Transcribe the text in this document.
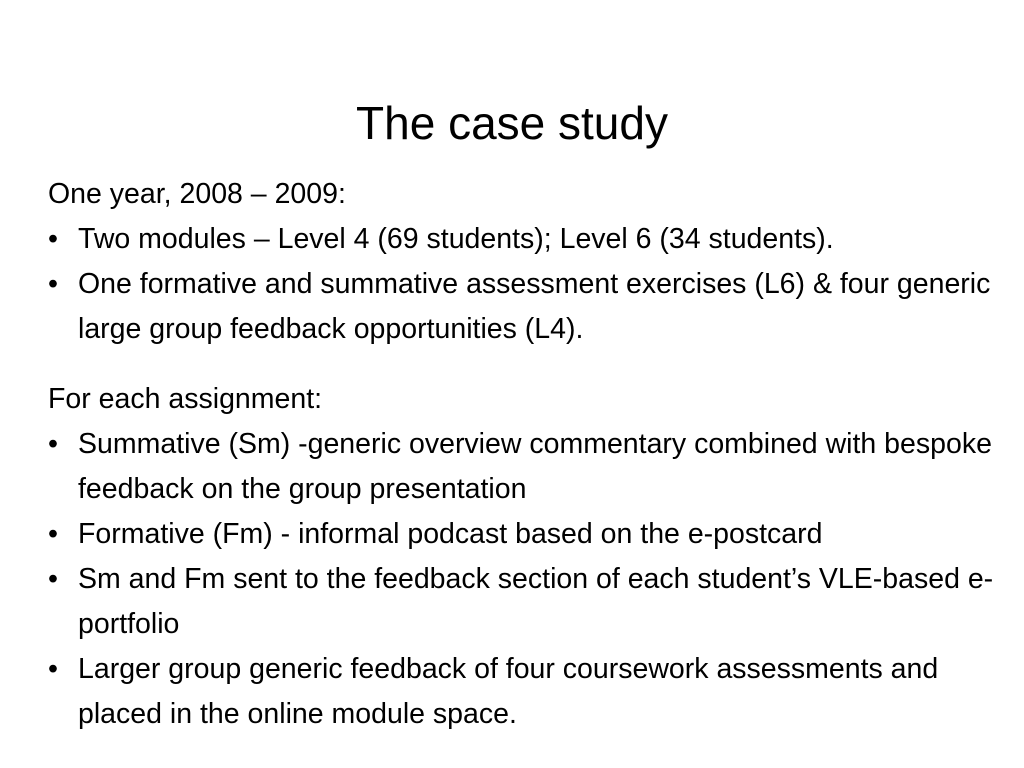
The case study

One year, 2008 – 2009:

• Two modules – Level 4 (69 students); Level 6 (34 students).
• One formative and summative assessment exercises (L6) & four generic large group feedback opportunities (L4).

For each assignment:

• Summative (Sm) -generic overview commentary combined with bespoke feedback on the group presentation
• Formative (Fm) - informal podcast based on the e-postcard
• Sm and Fm sent to the feedback section of each student’s VLE-based e-portfolio
• Larger group generic feedback of four coursework assessments and placed in the online module space.
